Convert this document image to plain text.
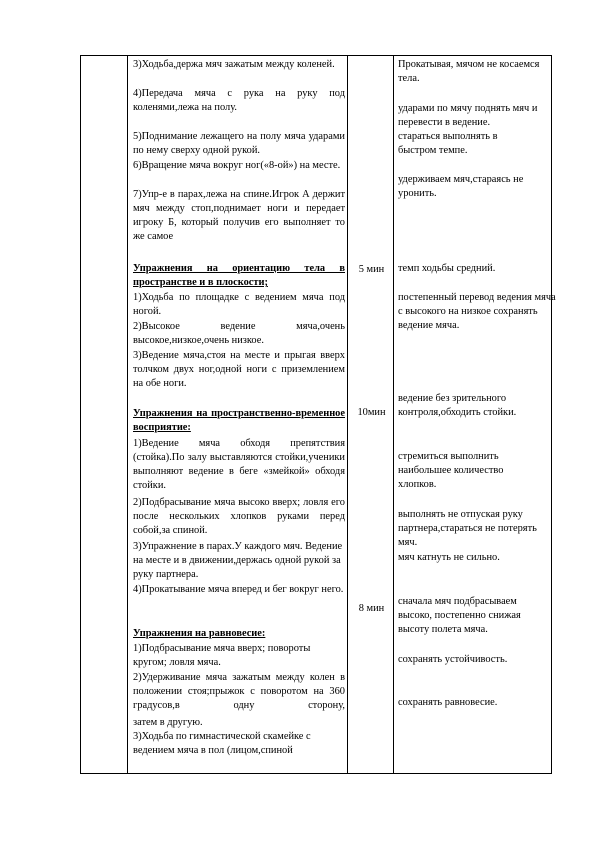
3)Ходьба,держа мяч зажатым между коленей.

4)Передача мяча с рука на руку под коленями,лежа на полу.

5)Поднимание лежащего на полу мяча ударами по нему сверху одной рукой.

6)Вращение мяча вокруг ног(«8-ой») на месте.

7)Упр-е в парах,лежа на спине.Игрок А держит мяч между стоп,поднимает ноги и передает игроку Б, который получив его выполняет то же самое

Упражнения на ориентацию тела в пространстве и в плоскости;

1)Ходьба по площадке с ведением мяча под ногой.

2)Высокое ведение мяча,очень высокое,низкое,очень низкое.

3)Ведение мяча,стоя на месте и прыгая вверх толчком двух ног,одной ноги с приземлением на обе ноги.

Упражнения на пространственно-временное восприятие:

1)Ведение мяча обходя препятствия (стойка).По залу выставляются стойки,ученики выполняют ведение в беге «змейкой» обходя стойки.

2)Подбрасывание мяча высоко вверх; ловля его после нескольких хлопков руками перед собой,за спиной.

3)Упражнение в парах.У каждого мяч. Ведение на месте и в движении,держась одной рукой за руку партнера.

4)Прокатывание мяча вперед и бег вокруг него.

Упражнения на равновесие:

1)Подбрасывание мяча вверх; повороты кругом; ловля мяча.

2)Удерживание мяча зажатым между колен в положении стоя;прыжок с поворотом на 360 градусов,в одну сторону,

затем в другую.

3)Ходьба по гимнастической скамейке с ведением мяча в пол (лицом,спиной

5 мин
10мин
8 мин

Прокатывая, мячом не косаемся тела.

ударами по мячу поднять мяч и перевести в ведение.

стараться выполнять в быстром темпе.

удерживаем мяч,стараясь не уронить.

темп ходьбы средний.

постепенный перевод ведения мяча с высокого на низкое сохранять ведение мяча.

ведение без зрительного контроля,обходить стойки.

стремиться выполнить наибольшее количество хлопков.

выполнять не отпуская руку партнера,стараться не потерять мяч.

мяч катнуть не сильно.

сначала мяч подбрасываем высоко, постепенно снижая высоту полета мяча.

сохранять устойчивость.

сохранять равновесие.
